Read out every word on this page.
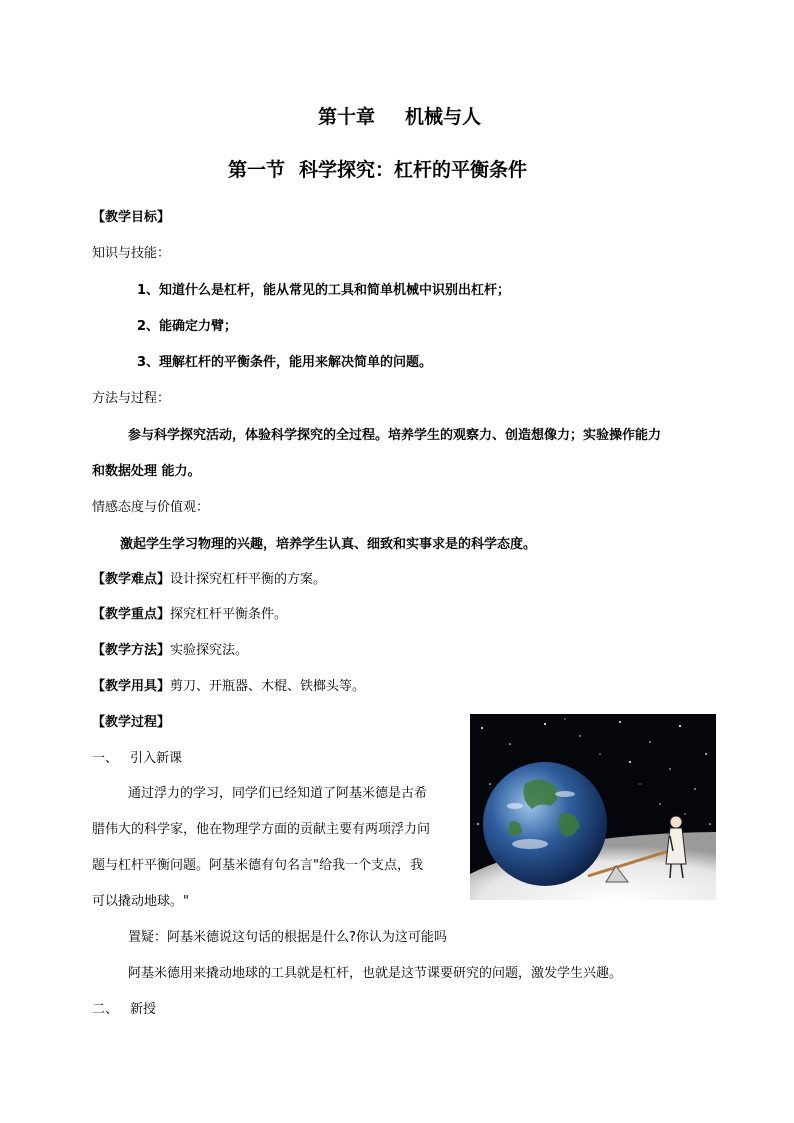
第十章 机械与人
第一节 科学探究：杠杆的平衡条件
【教学目标】
知识与技能：
1、知道什么是杠杆，能从常见的工具和简单机械中识别出杠杆；
2、能确定力臂；
3、理解杠杆的平衡条件，能用来解决简单的问题。
方法与过程：
参与科学探究活动，体验科学探究的全过程。培养学生的观察力、创造想像力；实验操作能力
和数据处理 能力。
情感态度与价值观：
激起学生学习物理的兴趣，培养学生认真、细致和实事求是的科学态度。
【教学难点】设计探究杠杆平衡的方案。
【教学重点】探究杠杆平衡条件。
【教学方法】实验探究法。
【教学用具】剪刀、开瓶器、木棍、铁榔头等。
【教学过程】
一、 引入新课
通过浮力的学习，同学们已经知道了阿基米德是古希
腊伟大的科学家，他在物理学方面的贡献主要有两项浮力问
题与杠杆平衡问题。阿基米德有句名言"给我一个支点，我
可以撬动地球。"
置疑：阿基米德说这句话的根据是什么?你认为这可能吗
阿基米德用来撬动地球的工具就是杠杆，也就是这节课要研究的问题，激发学生兴趣。
二、 新授
